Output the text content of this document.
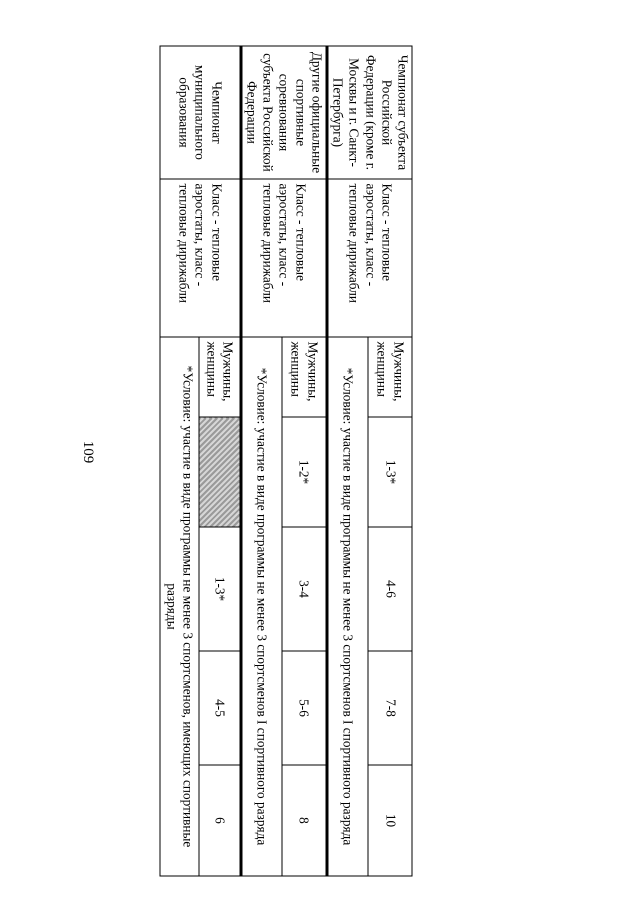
109
Чемпионат субъекта Российской Федерации (кроме г. Москвы и г. Санкт-Петербурга)	Класс - тепловые аэростаты, класс - тепловые дирижабли	Мужчины, женщины	1-3*	4-6	7-8	10
		*Условие: участие в виде программы не менее 3 спортсменов I спортивного разряда				
Другие официальные спортивные соревнования субъекта Российской Федерации	Класс - тепловые аэростаты, класс - тепловые дирижабли	Мужчины, женщины	1-2*	3-4	5-6	8
		*Условие: участие в виде программы не менее 3 спортсменов I спортивного разряда				
Чемпионат муниципального образования	Класс - тепловые аэростаты, класс - тепловые дирижабли	Мужчины, женщины		1-3*	4-5	6
		*Условие: участие в виде программы не менее 3 спортсменов, имеющих спортивные разряды				
